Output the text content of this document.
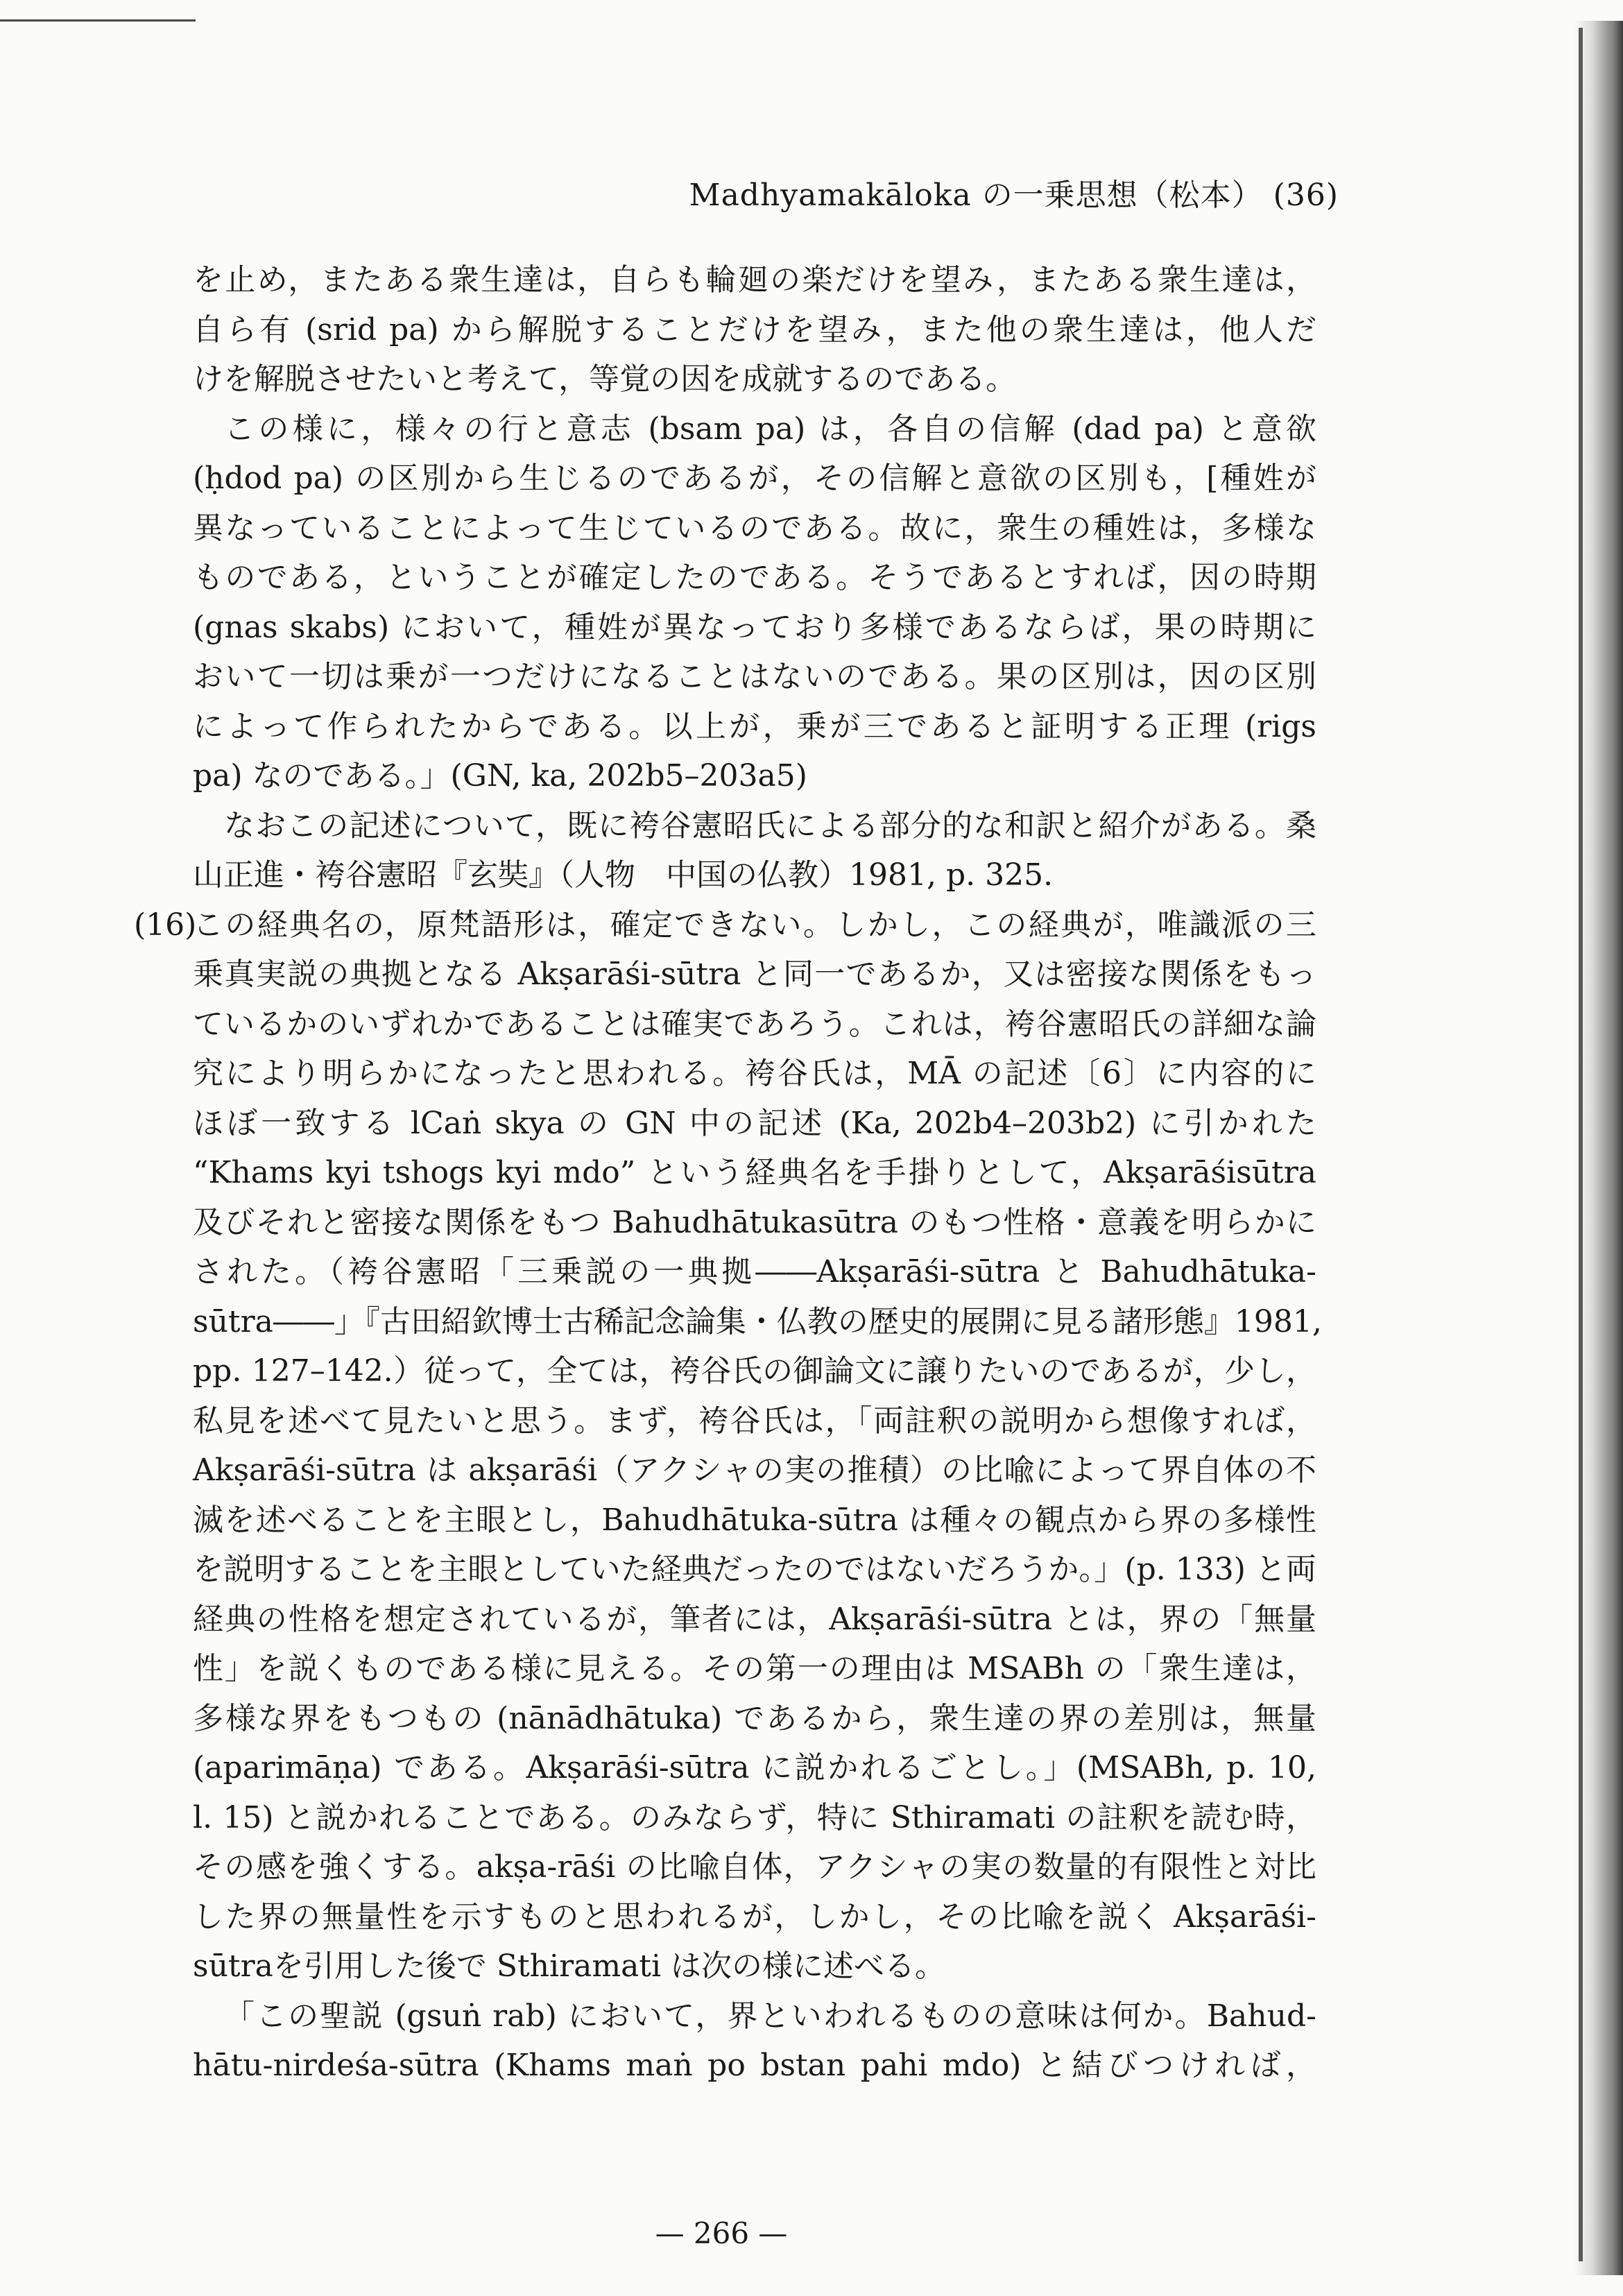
Madhyamakāloka の一乗思想（松本） (36)
を止め，またある衆生達は，自らも輪廻の楽だけを望み，またある衆生達は，
自ら有 (srid pa) から解脱することだけを望み，また他の衆生達は，他人だ
けを解脱させたいと考えて，等覚の因を成就するのである。
この様に，様々の行と意志 (bsam pa) は，各自の信解 (dad pa) と意欲
(ḥdod pa) の区別から生じるのであるが，その信解と意欲の区別も，[種姓が
異なっていることによって生じているのである。故に，衆生の種姓は，多様な
ものである，ということが確定したのである。そうであるとすれば，因の時期
(gnas skabs) において，種姓が異なっており多様であるならば，果の時期に
おいて一切は乗が一つだけになることはないのである。果の区別は，因の区別
によって作られたからである。以上が，乗が三であると証明する正理 (rigs
pa) なのである。」(GN, ka, 202b5–203a5)
なおこの記述について，既に袴谷憲昭氏による部分的な和訳と紹介がある。桑
山正進・袴谷憲昭『玄奘』（人物　中国の仏教）1981, p. 325.
(16)
この経典名の，原梵語形は，確定できない。しかし，この経典が，唯識派の三
乗真実説の典拠となる Akṣarāśi-sūtra と同一であるか，又は密接な関係をもっ
ているかのいずれかであることは確実であろう。これは，袴谷憲昭氏の詳細な論
究により明らかになったと思われる。袴谷氏は，MĀ の記述〔6〕に内容的に
ほぼ一致する lCaṅ skya の GN 中の記述 (Ka, 202b4–203b2) に引かれた
“Khams kyi tshogs kyi mdo” という経典名を手掛りとして，Akṣarāśisūtra
及びそれと密接な関係をもつ Bahudhātukasūtra のもつ性格・意義を明らかに
された。（袴谷憲昭「三乗説の一典拠――Akṣarāśi-sūtra と Bahudhātuka-
sūtra――」『古田紹欽博士古稀記念論集・仏教の歴史的展開に見る諸形態』1981,
pp. 127–142.）従って，全ては，袴谷氏の御論文に譲りたいのであるが，少し，
私見を述べて見たいと思う。まず，袴谷氏は，「両註釈の説明から想像すれば，
Akṣarāśi-sūtra は akṣarāśi（アクシャの実の推積）の比喩によって界自体の不
滅を述べることを主眼とし，Bahudhātuka-sūtra は種々の観点から界の多様性
を説明することを主眼としていた経典だったのではないだろうか。」(p. 133) と両
経典の性格を想定されているが，筆者には，Akṣarāśi-sūtra とは，界の「無量
性」を説くものである様に見える。その第一の理由は MSABh の「衆生達は，
多様な界をもつもの (nānādhātuka) であるから，衆生達の界の差別は，無量
(aparimāṇa) である。Akṣarāśi-sūtra に説かれるごとし。」(MSABh, p. 10,
l. 15) と説かれることである。のみならず，特に Sthiramati の註釈を読む時，
その感を強くする。akṣa-rāśi の比喩自体，アクシャの実の数量的有限性と対比
した界の無量性を示すものと思われるが，しかし，その比喩を説く Akṣarāśi-
sūtraを引用した後で Sthiramati は次の様に述べる。
「この聖説 (gsuṅ rab) において，界といわれるものの意味は何か。Bahud-
hātu-nirdeśa-sūtra (Khams maṅ po bstan pahi mdo) と結びつければ，
— 266 —
